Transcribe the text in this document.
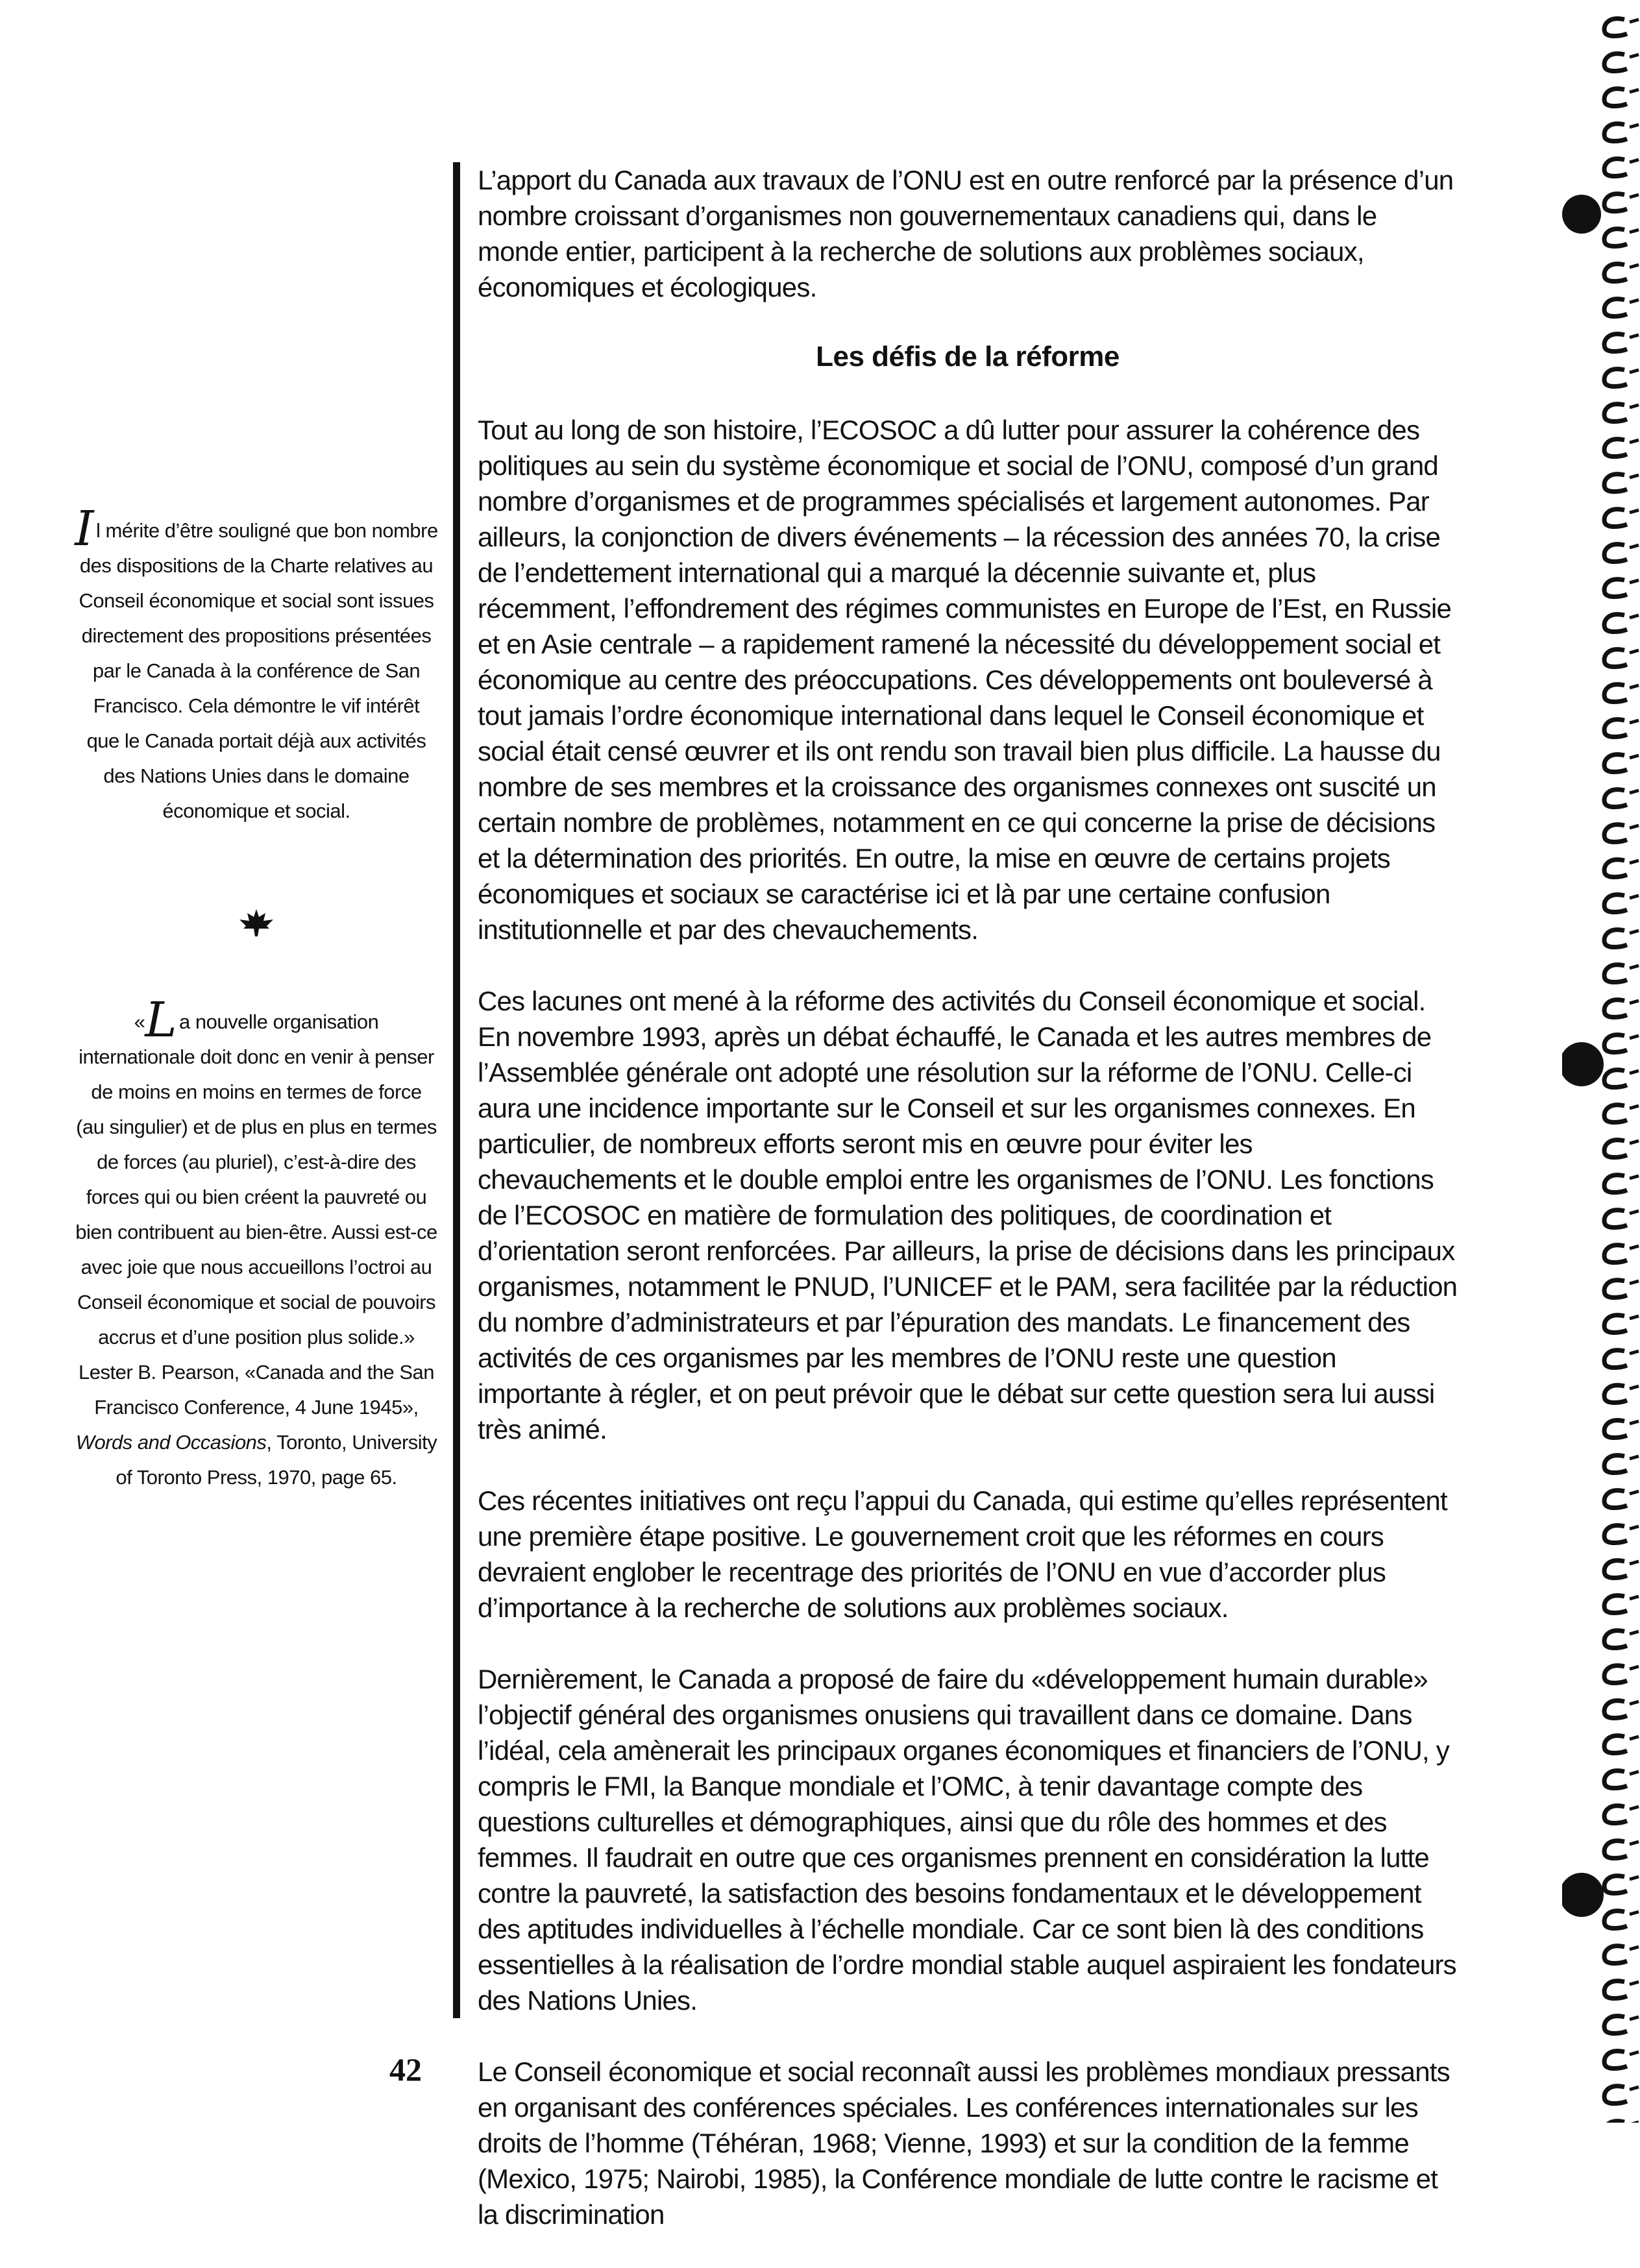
Il mérite d’être souligné que bon nombre des dispositions de la Charte relatives au Conseil économique et social sont issues directement des propositions présentées par le Canada à la conférence de San Francisco. Cela démontre le vif intérêt que le Canada portait déjà aux activités des Nations Unies dans le domaine économique et social.

«L a nouvelle organisation internationale doit donc en venir à penser de moins en moins en termes de force (au singulier) et de plus en plus en termes de forces (au pluriel), c’est-à-dire des forces qui ou bien créent la pauvreté ou bien contribuent au bien-être. Aussi est-ce avec joie que nous accueillons l’octroi au Conseil économique et social de pouvoirs accrus et d’une position plus solide.»

Lester B. Pearson, «Canada and the San Francisco Conference, 4 June 1945», Words and Occasions, Toronto, University of Toronto Press, 1970, page 65.

L’apport du Canada aux travaux de l’ONU est en outre renforcé par la présence d’un nombre croissant d’organismes non gouvernementaux canadiens qui, dans le monde entier, participent à la recherche de solutions aux problèmes sociaux, économiques et écologiques.

Les défis de la réforme

Tout au long de son histoire, l’ECOSOC a dû lutter pour assurer la cohérence des politiques au sein du système économique et social de l’ONU, composé d’un grand nombre d’organismes et de programmes spécialisés et largement autonomes. Par ailleurs, la conjonction de divers événements – la récession des années 70, la crise de l’endettement international qui a marqué la décennie suivante et, plus récemment, l’effondrement des régimes communistes en Europe de l’Est, en Russie et en Asie centrale – a rapidement ramené la nécessité du développement social et économique au centre des préoccupations. Ces développements ont bouleversé à tout jamais l’ordre économique international dans lequel le Conseil économique et social était censé œuvrer et ils ont rendu son travail bien plus difficile. La hausse du nombre de ses membres et la croissance des organismes connexes ont suscité un certain nombre de problèmes, notamment en ce qui concerne la prise de décisions et la détermination des priorités. En outre, la mise en œuvre de certains projets économiques et sociaux se caractérise ici et là par une certaine confusion institutionnelle et par des chevauchements.

Ces lacunes ont mené à la réforme des activités du Conseil économique et social. En novembre 1993, après un débat échauffé, le Canada et les autres membres de l’Assemblée générale ont adopté une résolution sur la réforme de l’ONU. Celle-ci aura une incidence importante sur le Conseil et sur les organismes connexes. En particulier, de nombreux efforts seront mis en œuvre pour éviter les chevauchements et le double emploi entre les organismes de l’ONU. Les fonctions de l’ECOSOC en matière de formulation des politiques, de coordination et d’orientation seront renforcées. Par ailleurs, la prise de décisions dans les principaux organismes, notamment le PNUD, l’UNICEF et le PAM, sera facilitée par la réduction du nombre d’administrateurs et par l’épuration des mandats. Le financement des activités de ces organismes par les membres de l’ONU reste une question importante à régler, et on peut prévoir que le débat sur cette question sera lui aussi très animé.

Ces récentes initiatives ont reçu l’appui du Canada, qui estime qu’elles représentent une première étape positive. Le gouvernement croit que les réformes en cours devraient englober le recentrage des priorités de l’ONU en vue d’accorder plus d’importance à la recherche de solutions aux problèmes sociaux.

Dernièrement, le Canada a proposé de faire du «développement humain durable» l’objectif général des organismes onusiens qui travaillent dans ce domaine. Dans l’idéal, cela amènerait les principaux organes économiques et financiers de l’ONU, y compris le FMI, la Banque mondiale et l’OMC, à tenir davantage compte des questions culturelles et démographiques, ainsi que du rôle des hommes et des femmes. Il faudrait en outre que ces organismes prennent en considération la lutte contre la pauvreté, la satisfaction des besoins fondamentaux et le développement des aptitudes individuelles à l’échelle mondiale. Car ce sont bien là des conditions essentielles à la réalisation de l’ordre mondial stable auquel aspiraient les fondateurs des Nations Unies.

Le Conseil économique et social reconnaît aussi les problèmes mondiaux pressants en organisant des conférences spéciales. Les conférences internationales sur les droits de l’homme (Téhéran, 1968; Vienne, 1993) et sur la condition de la femme (Mexico, 1975; Nairobi, 1985), la Conférence mondiale de lutte contre le racisme et la discrimination

42
